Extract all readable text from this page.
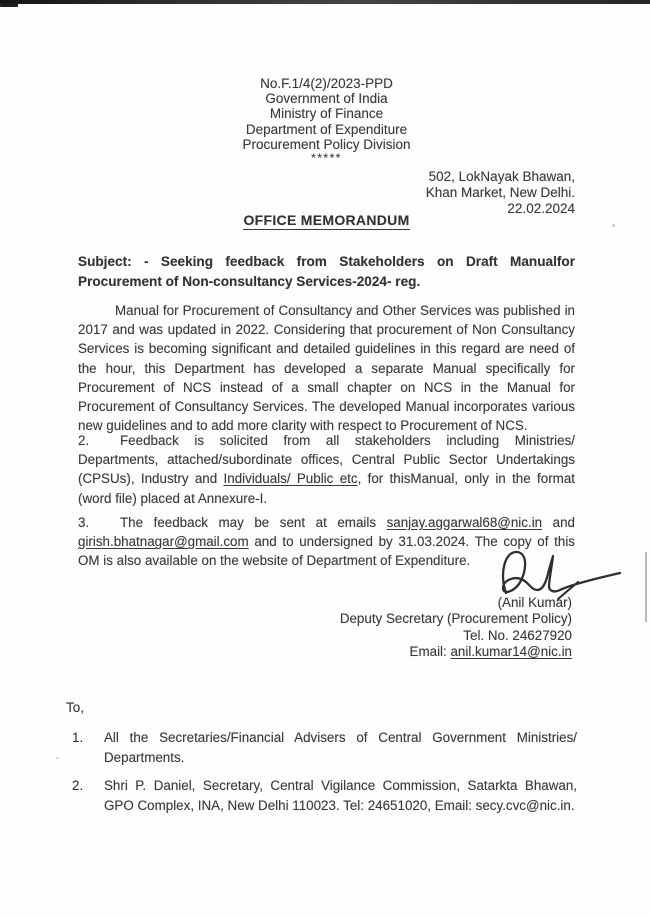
No.F.1/4(2)/2023-PPD
Government of India
Ministry of Finance
Department of Expenditure
Procurement Policy Division
*****
502, LokNayak Bhawan,
Khan Market, New Delhi.
22.02.2024
OFFICE MEMORANDUM
Subject: - Seeking feedback from Stakeholders on Draft Manualfor
Procurement of Non-consultancy Services-2024- reg.
Manual for Procurement of Consultancy and Other Services was published in 2017 and was updated in 2022. Considering that procurement of Non Consultancy Services is becoming significant and detailed guidelines in this regard are need of the hour, this Department has developed a separate Manual specifically for Procurement of NCS instead of a small chapter on NCS in the Manual for Procurement of Consultancy Services. The developed Manual incorporates various new guidelines and to add more clarity with respect to Procurement of NCS.
2. Feedback is solicited from all stakeholders including Ministries/ Departments, attached/subordinate offices, Central Public Sector Undertakings (CPSUs), Industry and Individuals/ Public etc, for thisManual, only in the format (word file) placed at Annexure-I.
3. The feedback may be sent at emails sanjay.aggarwal68@nic.in and girish.bhatnagar@gmail.com and to undersigned by 31.03.2024. The copy of this OM is also available on the website of Department of Expenditure.
(Anil Kumar)
Deputy Secretary (Procurement Policy)
Tel. No. 24627920
Email: anil.kumar14@nic.in
To,
1. All the Secretaries/Financial Advisers of Central Government Ministries/ Departments.
2. Shri P. Daniel, Secretary, Central Vigilance Commission, Satarkta Bhawan, GPO Complex, INA, New Delhi 110023. Tel: 24651020, Email: secy.cvc@nic.in.
